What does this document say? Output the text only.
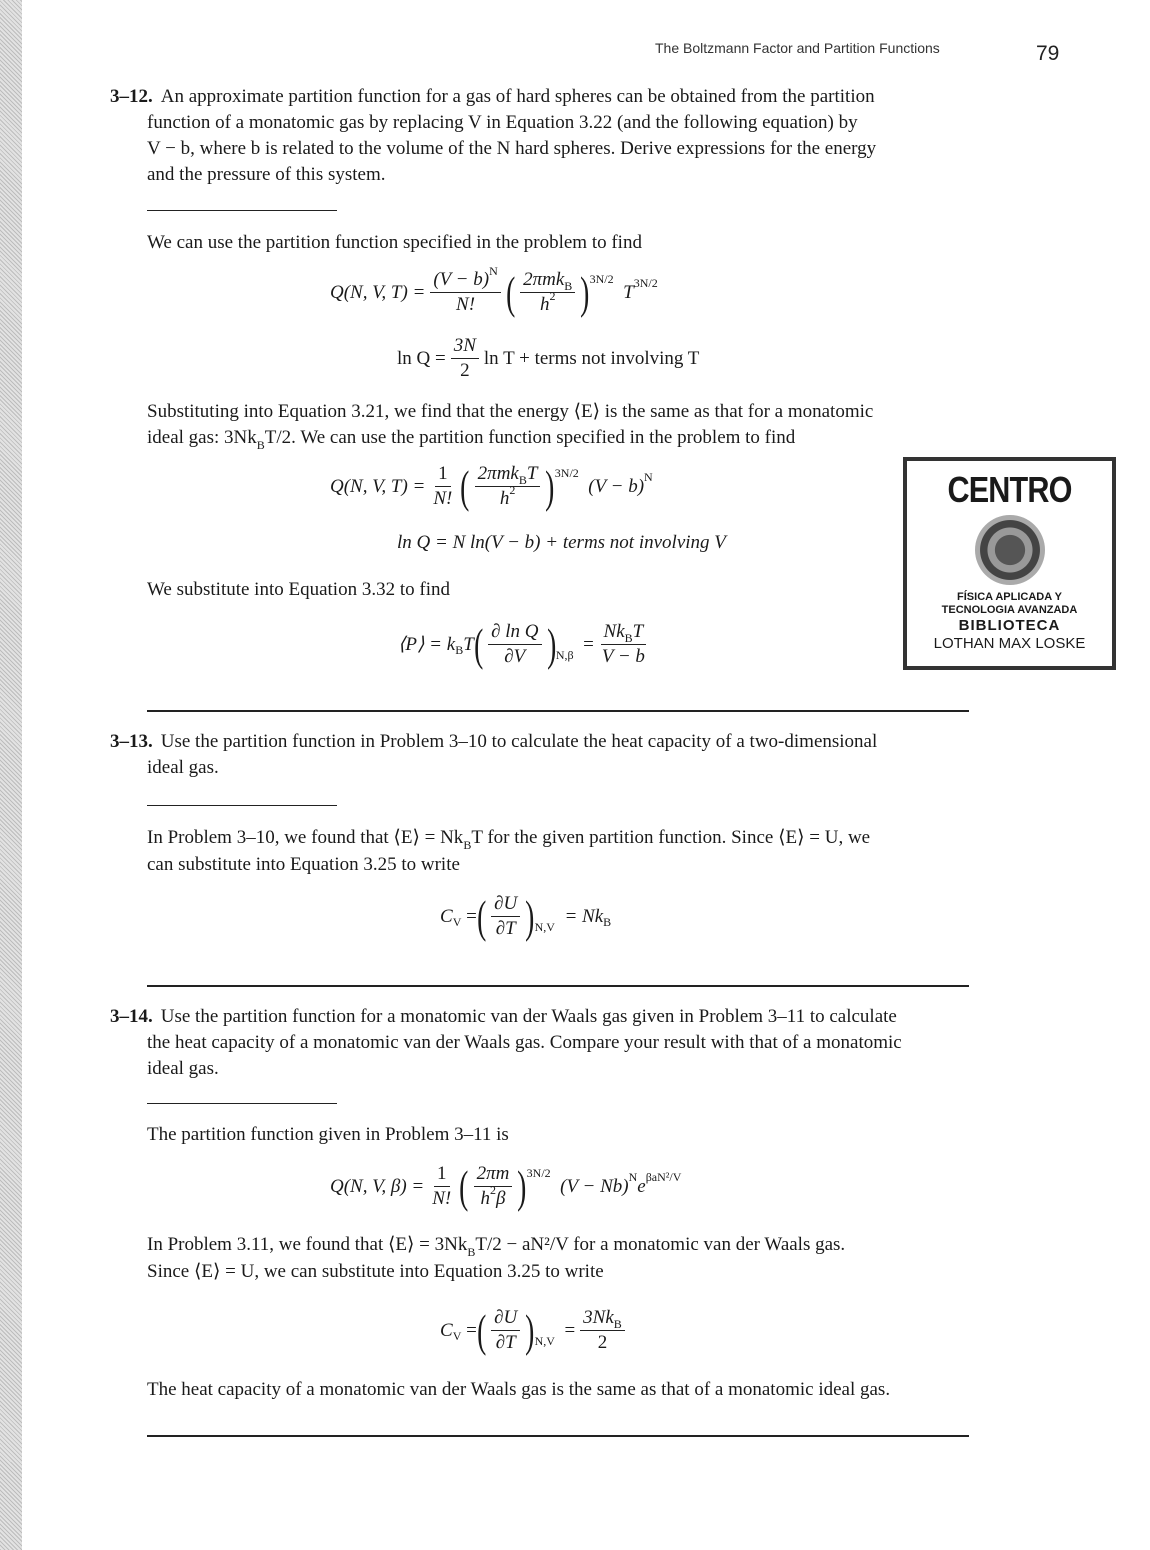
The Boltzmann Factor and Partition Functions	79
3–12. An approximate partition function for a gas of hard spheres can be obtained from the partition
function of a monatomic gas by replacing V in Equation 3.22 (and the following equation) by
V − b, where b is related to the volume of the N hard spheres. Derive expressions for the energy
and the pressure of this system.
We can use the partition function specified in the problem to find
Q(N, V, $T) = \frac{(V - b) N}{N!}$ ( $\frac{\text{2πmk B}}{h 2}$ ) 3N/2
T 3N/2
$\ln Q = \frac{3N}{2}$ ln T + terms not involving T
Substituting into Equation 3.21, we find that the energy ⟨E⟩ is the same as that for a monatomic
ideal gas: $3Nk_BT/2$. We can use the partition function specified in the problem to find
Q(N, V, $T) = \frac{1}{N!}$ ( $\frac{\text{2πmk B T}}{h 2}$ ) 3N/2
(V − b) N
ln Q = N ln(V − b) + terms not involving V
We substitute into Equation 3.32 to find
⟨P⟩ = k B T ( $\frac{\text{∂ ln Q}}{\partial V}$ ) N,β
= $\frac{\text{Nk B T}}{V - b}$
3–13. Use the partition function in Problem 3–10 to calculate the heat capacity of a two-dimensional
ideal gas.
In Problem 3–10, we found that ⟨E⟩ = $Nk_BT$ for the given partition function. Since ⟨E⟩ = U, we
can substitute into Equation 3.25 to write
C V = ( $\frac{\partial U}{\partial T}$ ) N,V
= Nk B
3–14. Use the partition function for a monatomic van der Waals gas given in Problem 3–11 to calculate
the heat capacity of a monatomic van der Waals gas. Compare your result with that of a monatomic
ideal gas.
The partition function given in Problem 3–11 is
Q(N, V, $\beta) = \frac{1}{N!}$ ( $\frac{2\pi m}{h 2 \beta}$ ) 3N/2
(V − Nb) N e βaN²/V
In Problem 3.11, we found that ⟨E⟩ = $3Nk_BT/2 - aN^2/V$ for a monatomic van der Waals gas.
Since ⟨E⟩ = U, we can substitute into Equation 3.25 to write
C V = ( $\frac{\partial U}{\partial T}$ ) N,V
= $\frac{\text{3Nk B}}{2}$
The heat capacity of a monatomic van der Waals gas is the same as that of a monatomic ideal gas.
CENTRO
FÍSICA APLICADA Y
TECNOLOGIA AVANZADA
BIBLIOTECA
LOTHAN MAX LOSKE
